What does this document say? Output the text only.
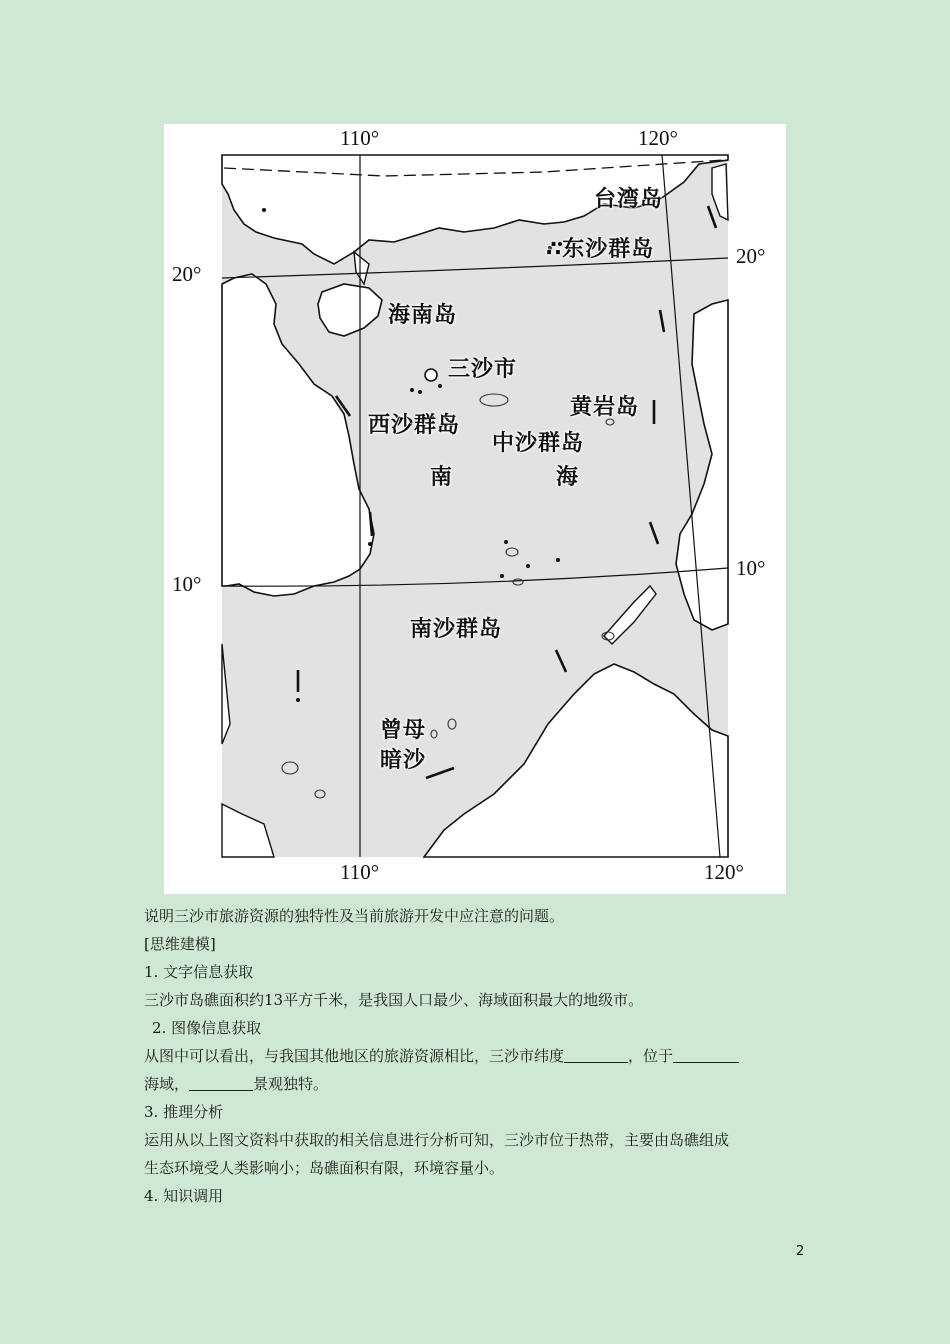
110°	120°
110°	120°
20°
20°
10°
10°
台湾岛
∴东沙群岛
海南岛
三沙市
西沙群岛
中沙群岛
黄岩岛
南	海
南沙群岛
曾母
暗沙
说明三沙市旅游资源的独特性及当前旅游开发中应注意的问题。
[思维建模]
1. 文字信息获取
三沙市岛礁面积约13平方千米，是我国人口最少、海域面积最大的地级市。
2. 图像信息获取
从图中可以看出，与我国其他地区的旅游资源相比，三沙市纬度	，位于
海域，	景观独特。
3. 推理分析
运用从以上图文资料中获取的相关信息进行分析可知，三沙市位于热带，主要由岛礁组成
生态环境受人类影响小；岛礁面积有限，环境容量小。
4. 知识调用
2
